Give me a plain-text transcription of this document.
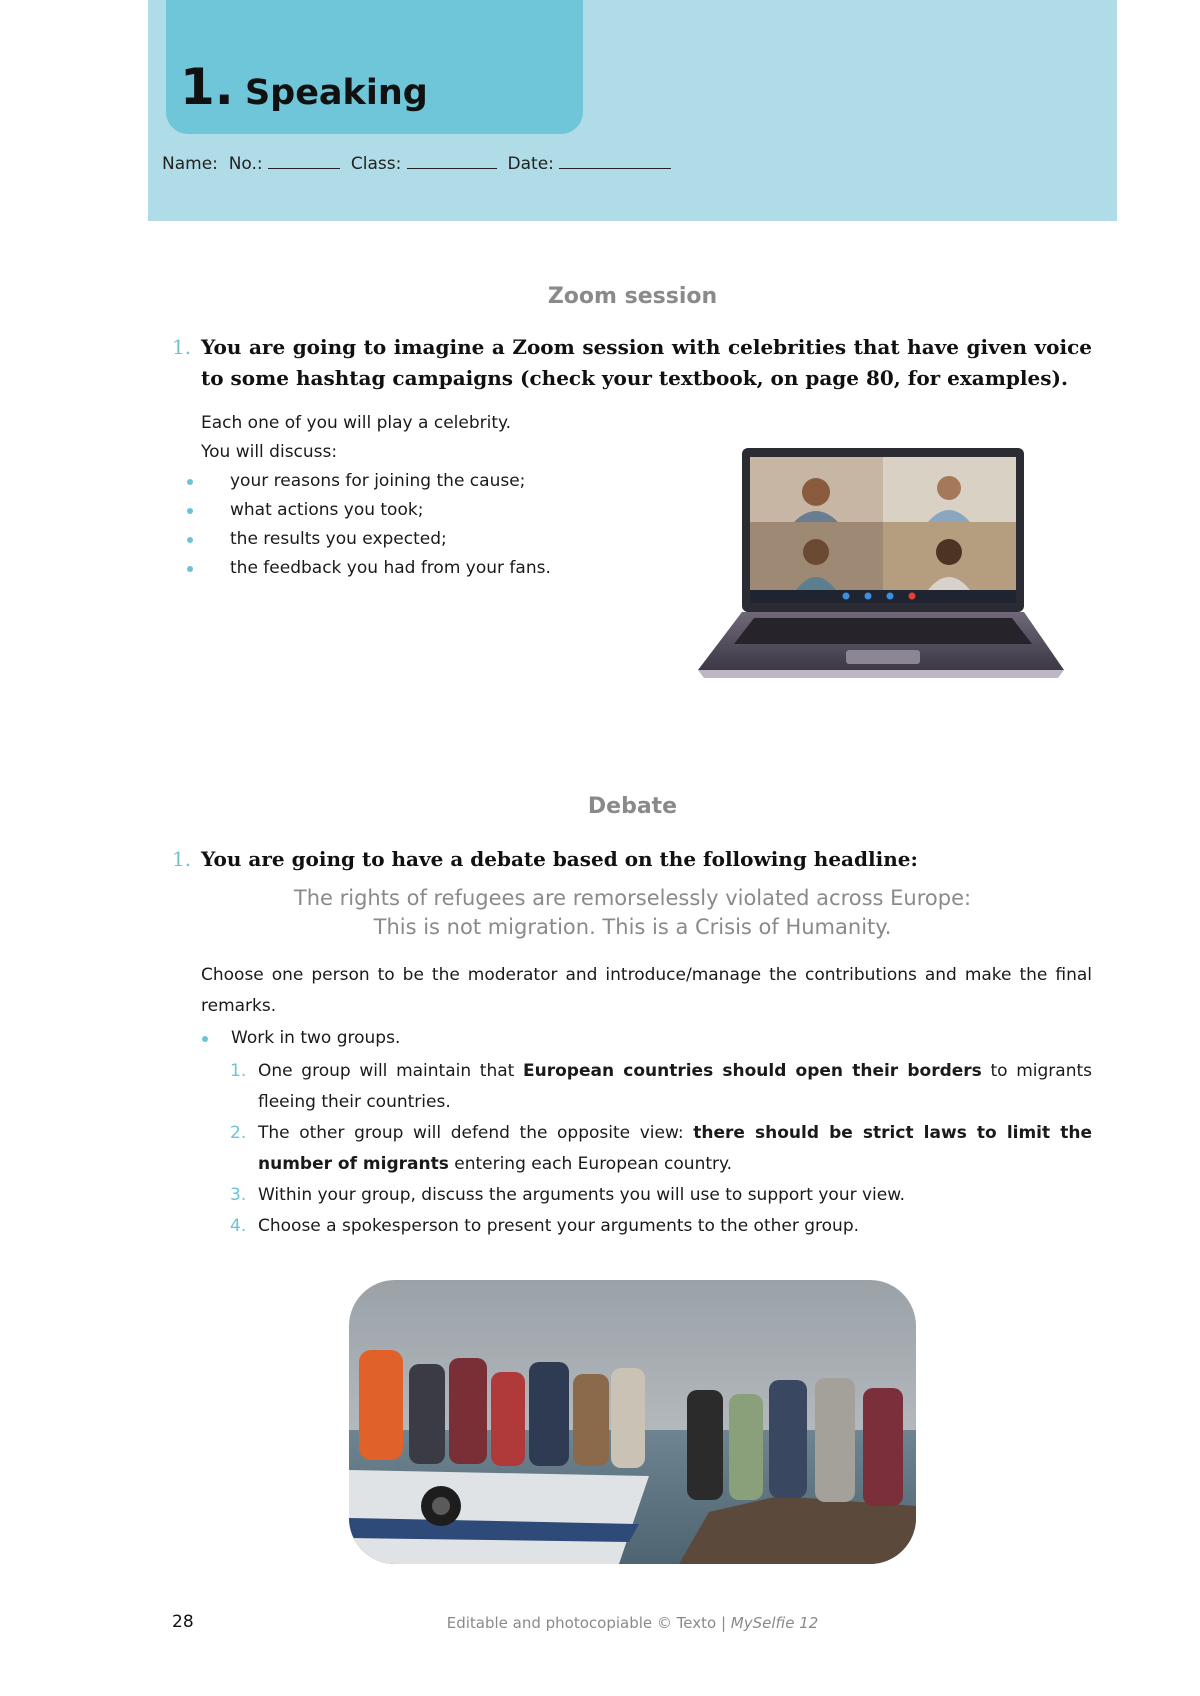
1. Speaking
Name: No.:	Class:	Date:
Zoom session
1. You are going to imagine a Zoom session with celebrities that have given voice to some hashtag campaigns (check your textbook, on page 80, for examples).
Each one of you will play a celebrity.
You will discuss:
your reasons for joining the cause;
what actions you took;
the results you expected;
the feedback you had from your fans.
Debate
1. You are going to have a debate based on the following headline:
The rights of refugees are remorselessly violated across Europe:
This is not migration. This is a Crisis of Humanity.
Choose one person to be the moderator and introduce/manage the contributions and make the final remarks.
Work in two groups.
1. One group will maintain that European countries should open their borders to migrants fleeing their countries.
2. The other group will defend the opposite view: there should be strict laws to limit the number of migrants entering each European country.
3. Within your group, discuss the arguments you will use to support your view.
4. Choose a spokesperson to present your arguments to the other group.
28	Editable and photocopiable © Texto | MySelfie 12
